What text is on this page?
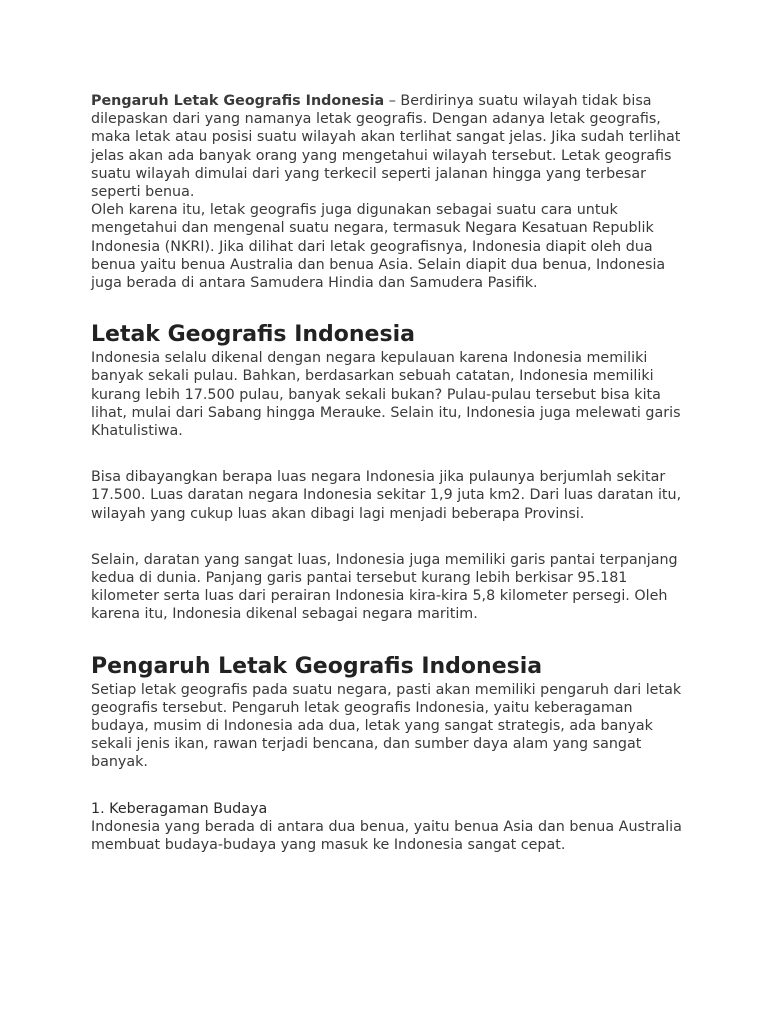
Pengaruh Letak Geografis Indonesia – Berdirinya suatu wilayah tidak bisa dilepaskan dari yang namanya letak geografis. Dengan adanya letak geografis, maka letak atau posisi suatu wilayah akan terlihat sangat jelas. Jika sudah terlihat jelas akan ada banyak orang yang mengetahui wilayah tersebut. Letak geografis suatu wilayah dimulai dari yang terkecil seperti jalanan hingga yang terbesar seperti benua.

Oleh karena itu, letak geografis juga digunakan sebagai suatu cara untuk mengetahui dan mengenal suatu negara, termasuk Negara Kesatuan Republik Indonesia (NKRI). Jika dilihat dari letak geografisnya, Indonesia diapit oleh dua benua yaitu benua Australia dan benua Asia. Selain diapit dua benua, Indonesia juga berada di antara Samudera Hindia dan Samudera Pasifik.

Letak Geografis Indonesia

Indonesia selalu dikenal dengan negara kepulauan karena Indonesia memiliki banyak sekali pulau. Bahkan, berdasarkan sebuah catatan, Indonesia memiliki kurang lebih 17.500 pulau, banyak sekali bukan? Pulau-pulau tersebut bisa kita lihat, mulai dari Sabang hingga Merauke. Selain itu, Indonesia juga melewati garis Khatulistiwa.

Bisa dibayangkan berapa luas negara Indonesia jika pulaunya berjumlah sekitar 17.500. Luas daratan negara Indonesia sekitar 1,9 juta km2. Dari luas daratan itu, wilayah yang cukup luas akan dibagi lagi menjadi beberapa Provinsi.

Selain, daratan yang sangat luas, Indonesia juga memiliki garis pantai terpanjang kedua di dunia. Panjang garis pantai tersebut kurang lebih berkisar 95.181 kilometer serta luas dari perairan Indonesia kira-kira 5,8 kilometer persegi. Oleh karena itu, Indonesia dikenal sebagai negara maritim.

Pengaruh Letak Geografis Indonesia

Setiap letak geografis pada suatu negara, pasti akan memiliki pengaruh dari letak geografis tersebut. Pengaruh letak geografis Indonesia, yaitu keberagaman budaya, musim di Indonesia ada dua, letak yang sangat strategis, ada banyak sekali jenis ikan, rawan terjadi bencana, dan sumber daya alam yang sangat banyak.

1. Keberagaman Budaya

Indonesia yang berada di antara dua benua, yaitu benua Asia dan benua Australia membuat budaya-budaya yang masuk ke Indonesia sangat cepat.
